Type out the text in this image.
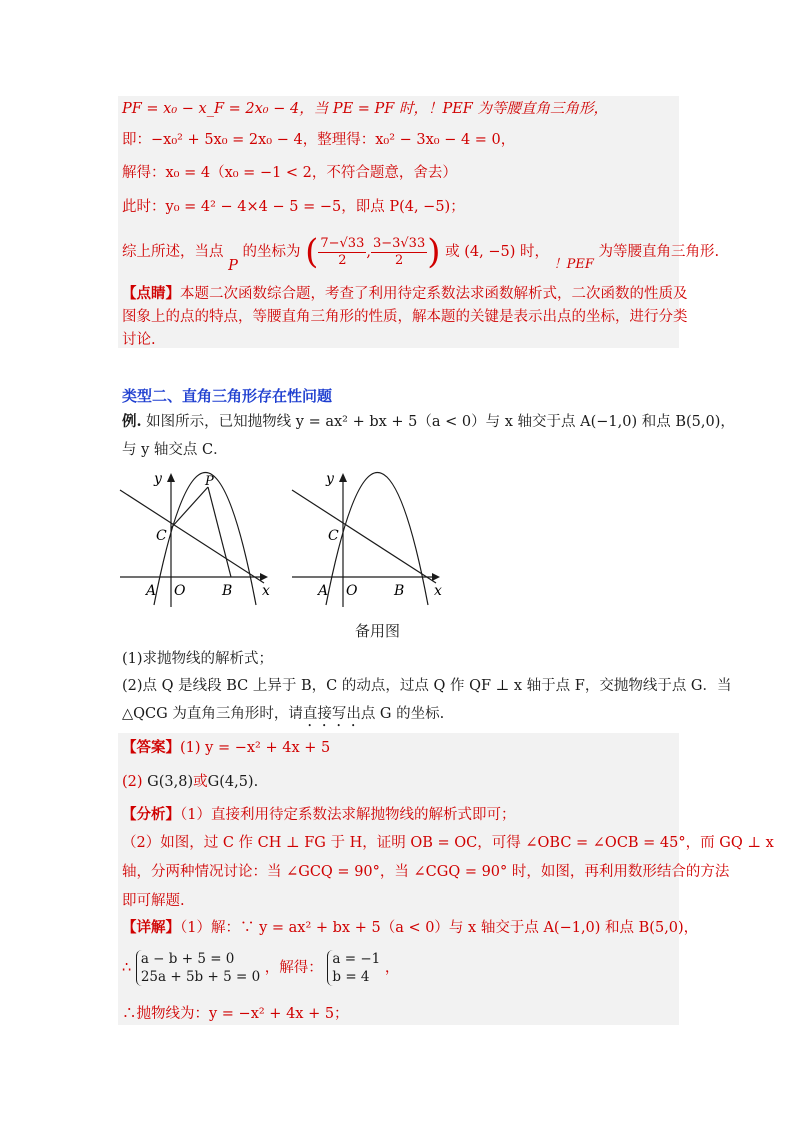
PF = x₀ − x_F = 2x₀ − 4，当 PE = PF 时，！PEF 为等腰直角三角形，
即：−x₀² + 5x₀ = 2x₀ − 4，整理得：x₀² − 3x₀ − 4 = 0，
解得：x₀ = 4（x₀ = −1 < 2，不符合题意，舍去）
此时：y₀ = 4² − 4×4 − 5 = −5，即点 P(4, −5)；
综上所述，当点 P 的坐标为 ( $\frac{7-√33}{2}$ , $\frac{3-3√33}{2}$ ) 或 (4, −5) 时， ！PEF 为等腰直角三角形.
【点睛】本题二次函数综合题，考查了利用待定系数法求函数解析式，二次函数的性质及
图象上的点的特点，等腰直角三角形的性质，解本题的关键是表示出点的坐标，进行分类
讨论.
类型二、直角三角形存在性问题
例. 如图所示，已知抛物线 y = ax² + bx + 5（a < 0）与 x 轴交于点 A(−1,0) 和点 B(5,0)，
与 y 轴交点 C．
y
x
P
C
A O	B
y
x
C
A O	B
备用图
(1)求抛物线的解析式；
(2)点 Q 是线段 BC 上异于 B，C 的动点，过点 Q 作 QF ⊥ x 轴于点 F，交抛物线于点 G．当
△QCG 为直角三角形时，请直接写出点 G 的坐标.
【答案】(1) y = −x² + 4x + 5
(2) G(3,8)或G(4,5).
【分析】（1）直接利用待定系数法求解抛物线的解析式即可；
（2）如图，过 C 作 CH ⊥ FG 于 H，证明 OB = OC，可得 ∠OBC = ∠OCB = 45°，而 GQ ⊥ x
轴，分两种情况讨论：当 ∠GCQ = 90°，当 ∠CGQ = 90° 时，如图，再利用数形结合的方法
即可解题.
【详解】（1）解：∵ y = ax² + bx + 5（a < 0）与 x 轴交于点 A(−1,0) 和点 B(5,0)，
∴
a − b + 5 = 0
25a + 5b + 5 = 0
，解得：
a = −1
b = 4
，
∴抛物线为：y = −x² + 4x + 5；
